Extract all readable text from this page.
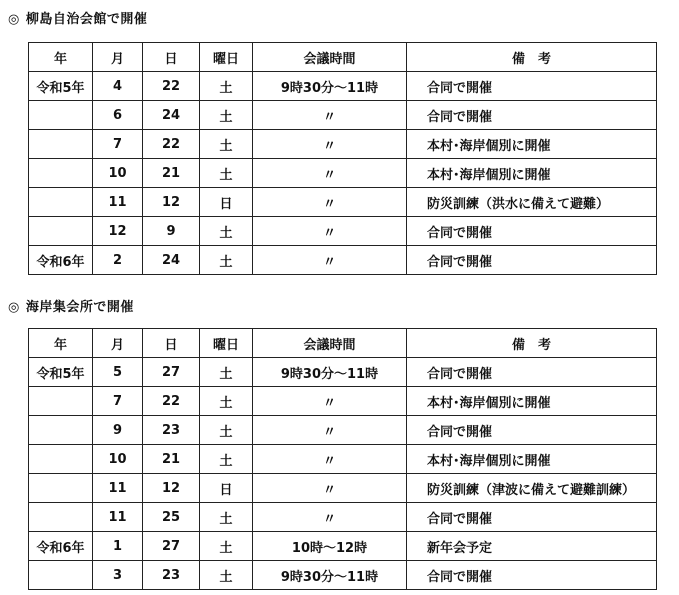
◎ 柳島自治会館で開催
年	月	日	曜日	会議時間	備　考
令和5年	4	22	土	9時30分～11時	合同で開催
	6	24	土	〃	合同で開催
	7	22	土	〃	本村･海岸個別に開催
	10	21	土	〃	本村･海岸個別に開催
	11	12	日	〃	防災訓練（洪水に備えて避難）
	12	9	土	〃	合同で開催
令和6年	2	24	土	〃	合同で開催
◎ 海岸集会所で開催
年	月	日	曜日	会議時間	備　考
令和5年	5	27	土	9時30分～11時	合同で開催
	7	22	土	〃	本村･海岸個別に開催
	9	23	土	〃	合同で開催
	10	21	土	〃	本村･海岸個別に開催
	11	12	日	〃	防災訓練（津波に備えて避難訓練）
	11	25	土	〃	合同で開催
令和6年	1	27	土	10時～12時	新年会予定
	3	23	土	9時30分～11時	合同で開催
